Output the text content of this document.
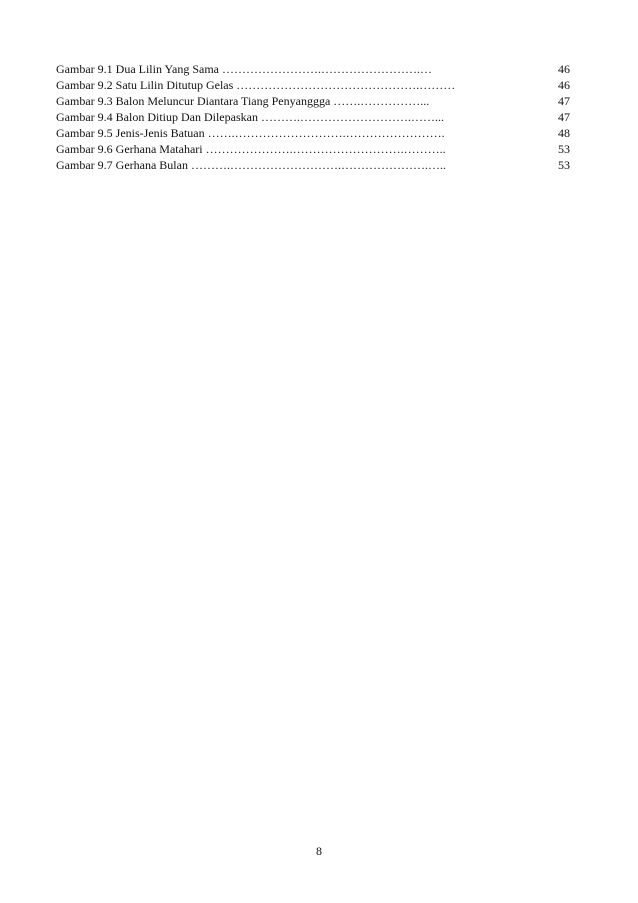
Gambar 9.1 Dua Lilin Yang Sama …………………….…………………….…	46
Gambar 9.2 Satu Lilin Ditutup Gelas ……………………………………….………	46
Gambar 9.3 Balon Meluncur Diantara Tiang Penyanggga …….……………...	47
Gambar 9.4 Balon Ditiup Dan Dilepaskan ……….……………………….……...	47
Gambar 9.5 Jenis-Jenis Batuan …….……………………….…………………….	48
Gambar 9.6 Gerhana Matahari ………………….……………………….………..	53
Gambar 9.7 Gerhana Bulan ……….……………………….………………….…..	53
8
